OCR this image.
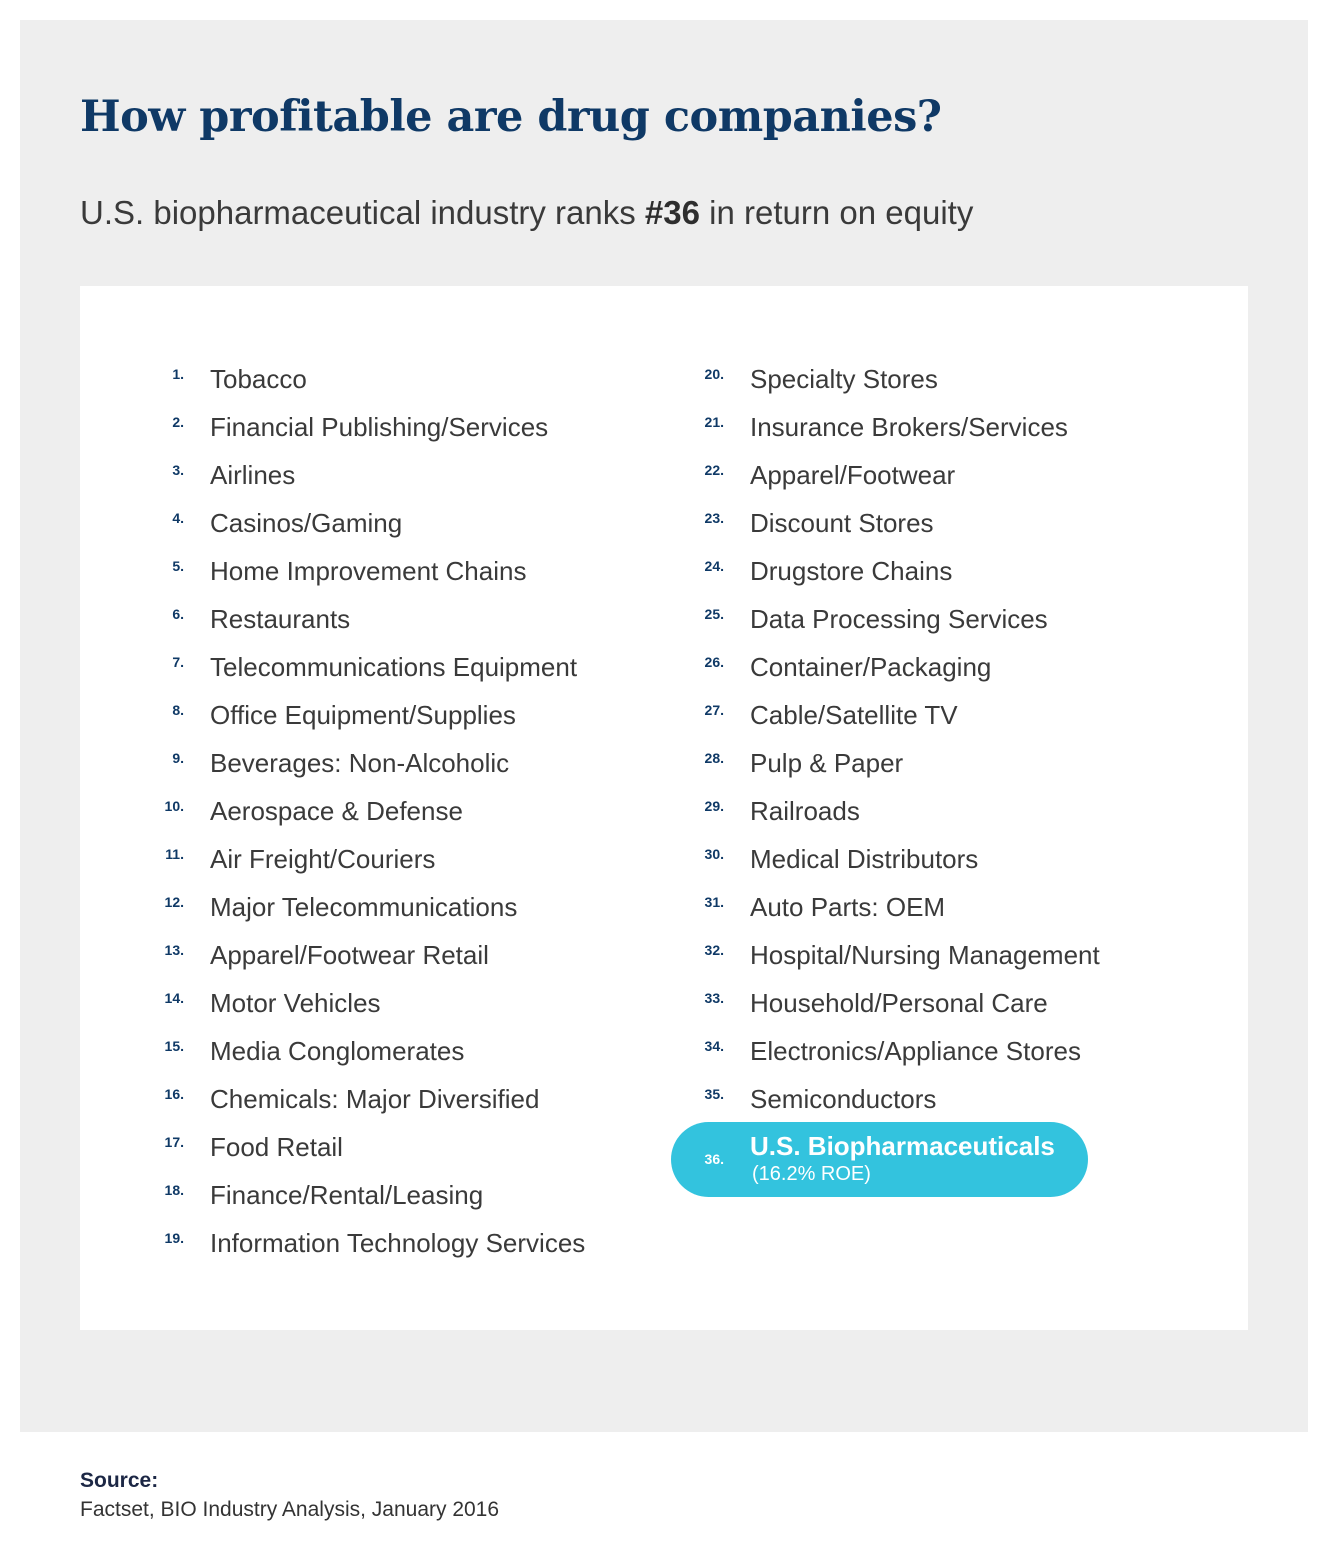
How profitable are drug companies?

U.S. biopharmaceutical industry ranks #36 in return on equity

1. Tobacco
2. Financial Publishing/Services
3. Airlines
4. Casinos/Gaming
5. Home Improvement Chains
6. Restaurants
7. Telecommunications Equipment
8. Office Equipment/Supplies
9. Beverages: Non-Alcoholic
10. Aerospace & Defense
11. Air Freight/Couriers
12. Major Telecommunications
13. Apparel/Footwear Retail
14. Motor Vehicles
15. Media Conglomerates
16. Chemicals: Major Diversified
17. Food Retail
18. Finance/Rental/Leasing
19. Information Technology Services
20. Specialty Stores
21. Insurance Brokers/Services
22. Apparel/Footwear
23. Discount Stores
24. Drugstore Chains
25. Data Processing Services
26. Container/Packaging
27. Cable/Satellite TV
28. Pulp & Paper
29. Railroads
30. Medical Distributors
31. Auto Parts: OEM
32. Hospital/Nursing Management
33. Household/Personal Care
34. Electronics/Appliance Stores
35. Semiconductors
36. U.S. Biopharmaceuticals
(16.2% ROE)
Source:
Factset, BIO Industry Analysis, January 2016
